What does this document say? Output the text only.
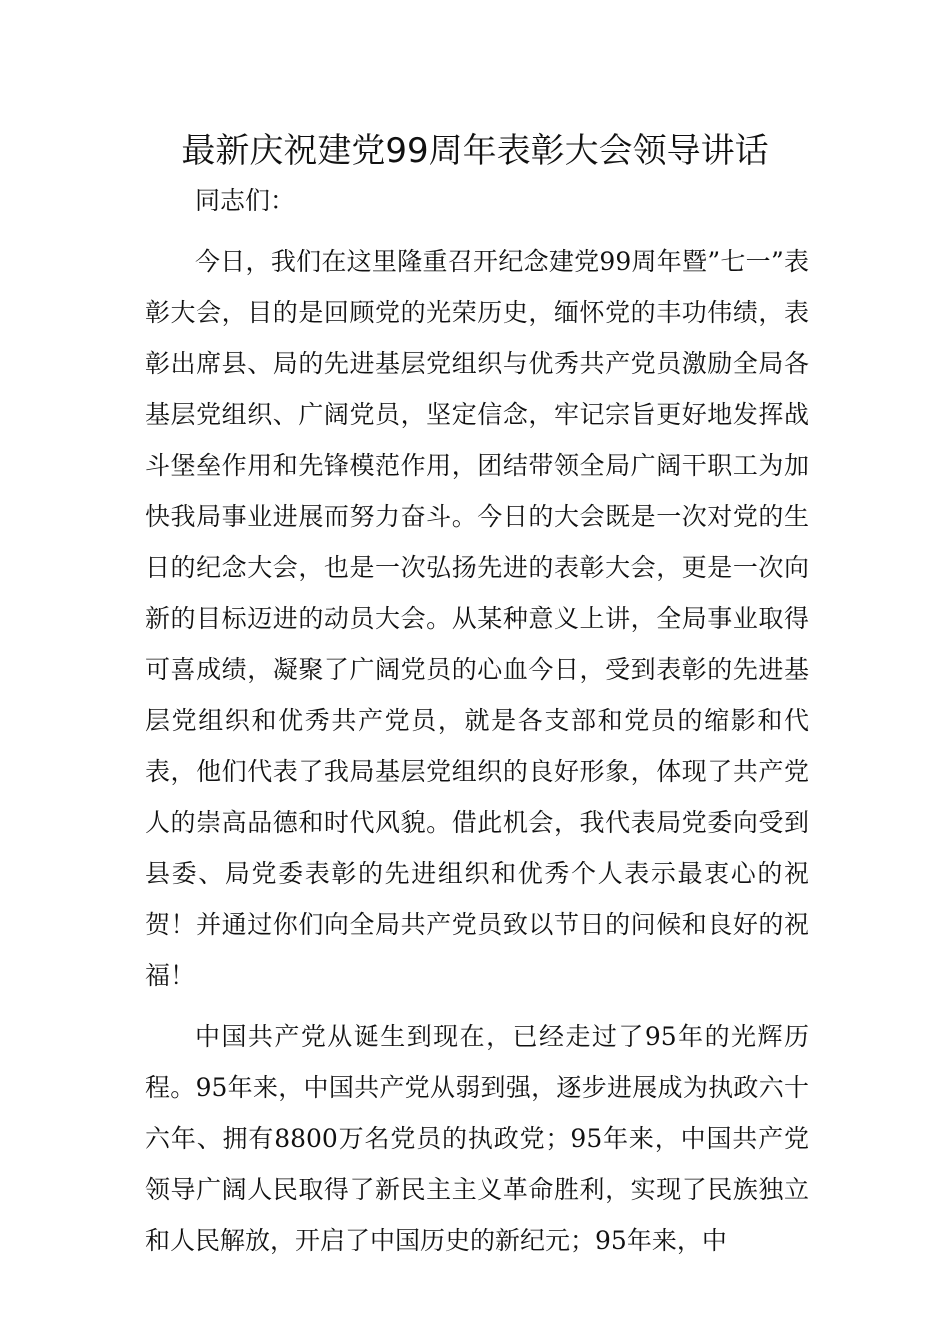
最新庆祝建党99周年表彰大会领导讲话

同志们：

今日，我们在这里隆重召开纪念建党99周年暨”七一”表彰大会，目的是回顾党的光荣历史，缅怀党的丰功伟绩，表彰出席县、局的先进基层党组织与优秀共产党员激励全局各基层党组织、广阔党员，坚定信念，牢记宗旨更好地发挥战斗堡垒作用和先锋模范作用，团结带领全局广阔干职工为加快我局事业进展而努力奋斗。今日的大会既是一次对党的生日的纪念大会，也是一次弘扬先进的表彰大会，更是一次向新的目标迈进的动员大会。从某种意义上讲，全局事业取得可喜成绩，凝聚了广阔党员的心血今日，受到表彰的先进基层党组织和优秀共产党员，就是各支部和党员的缩影和代表，他们代表了我局基层党组织的良好形象，体现了共产党人的崇高品德和时代风貌。借此机会，我代表局党委向受到县委、局党委表彰的先进组织和优秀个人表示最衷心的祝贺！并通过你们向全局共产党员致以节日的问候和良好的祝福！

中国共产党从诞生到现在，已经走过了95年的光辉历程。95年来，中国共产党从弱到强，逐步进展成为执政六十六年、拥有8800万名党员的执政党；95年来，中国共产党领导广阔人民取得了新民主主义革命胜利，实现了民族独立和人民解放，开启了中国历史的新纪元；95年来，中
